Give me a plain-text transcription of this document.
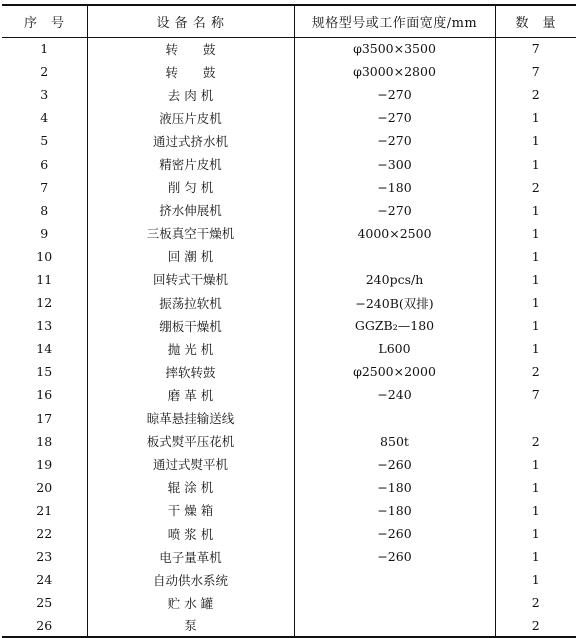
序　号	设 备 名 称	规格型号或工作面宽度/mm	数　量
1	转　　鼓	φ3500×3500	7
2	转　　鼓	φ3000×2800	7
3	去 肉 机	−270	2
4	液压片皮机	−270	1
5	通过式挤水机	−270	1
6	精密片皮机	−300	1
7	削 匀 机	−180	2
8	挤水伸展机	−270	1
9	三板真空干燥机	4000×2500	1
10	回 潮 机		1
11	回转式干燥机	240pcs/h	1
12	振荡拉软机	−240B(双排)	1
13	绷板干燥机	GGZB₂—180	1
14	抛 光 机	L600	1
15	摔软转鼓	φ2500×2000	2
16	磨 革 机	−240	7
17	晾革悬挂输送线		
18	板式熨平压花机	850t	2
19	通过式熨平机	−260	1
20	辊 涂 机	−180	1
21	干 燥 箱	−180	1
22	喷 浆 机	−260	1
23	电子量革机	−260	1
24	自动供水系统		1
25	贮 水 罐		2
26	泵		2
